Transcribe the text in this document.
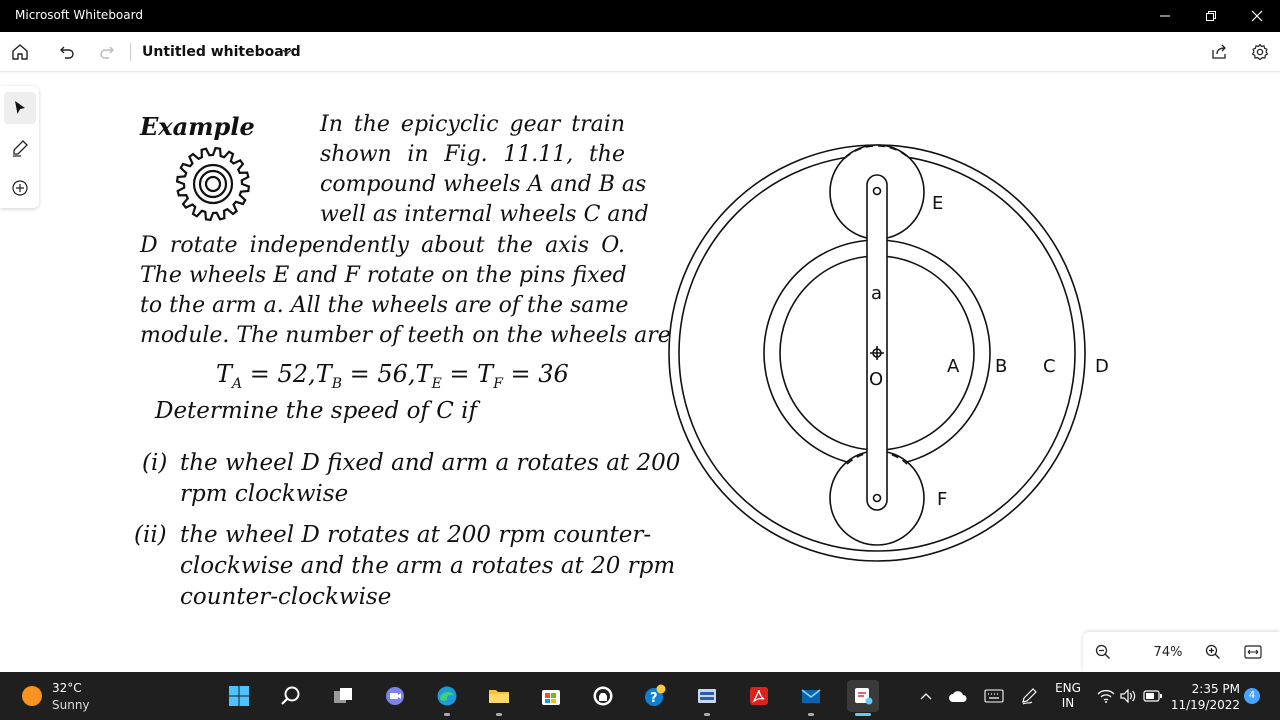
Microsoft Whiteboard
Untitled whiteboard
Example	In the epicyclic gear train
shown in Fig. 11.11, the
compound wheels A and B as
well as internal wheels C and
D rotate independently about the axis O.
The wheels E and F rotate on the pins fixed
to the arm a. All the wheels are of the same
module. The number of teeth on the wheels are
$T_A = 52,T_B = 56,T_E = T_F = 36$
Determine the speed of C if
(i) the wheel D fixed and arm a rotates at 200
rpm clockwise
(ii) the wheel D rotates at 200 rpm counter-
clockwise and the arm a rotates at 20 rpm
counter-clockwise
a
O
A B C D
E
F
74%
32°C
Sunny	?
ENG
IN
2:35 PM
11/19/2022
4
